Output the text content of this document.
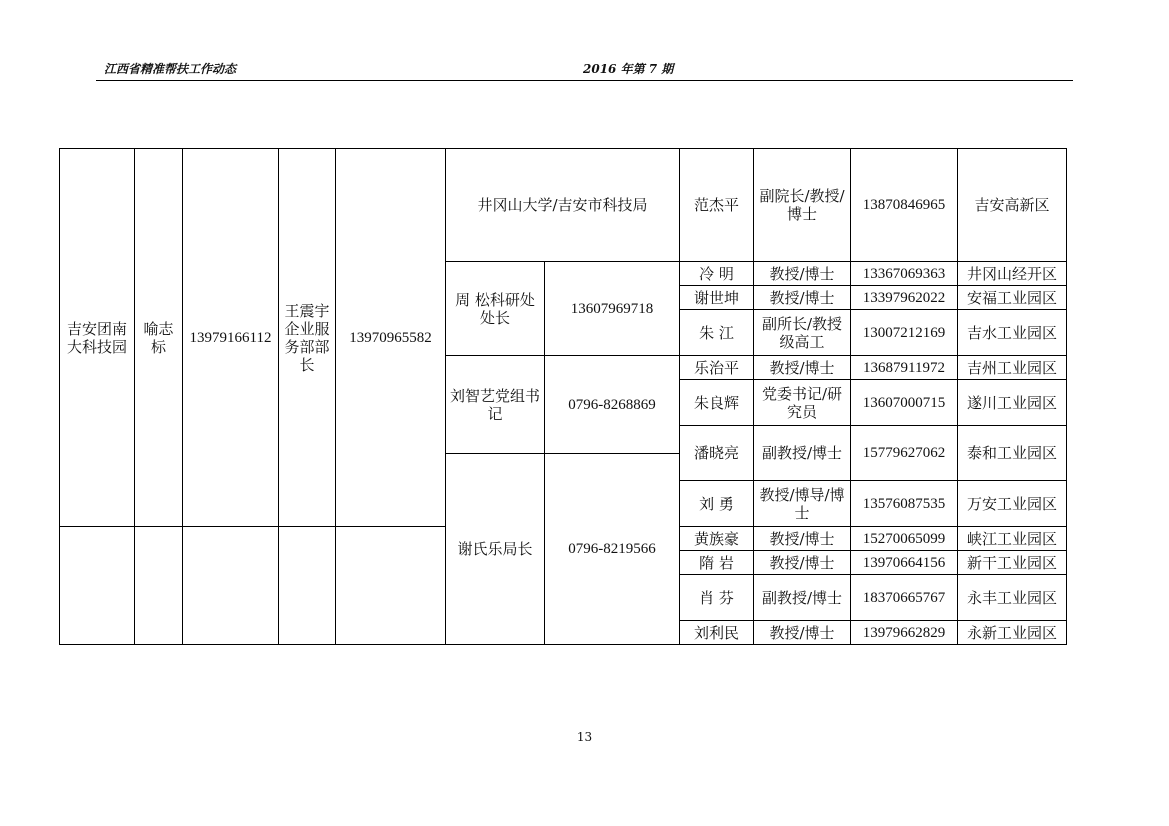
江西省精准帮扶工作动态	2016 年第 7 期
吉安团南大科技园	喻志标	13979166112	王震宇企业服务部部长	13970965582	井冈山大学/吉安市科技局		范杰平	副院长/教授/博士	13870846965	吉安高新区
					周 松科研处处长	13607969718	冷 明	教授/博士	13367069363	井冈山经开区
							谢世坤	教授/博士	13397962022	安福工业园区
							朱 江	副所长/教授级高工	13007212169	吉水工业园区
					刘智艺党组书记	0796-8268869	乐治平	教授/博士	13687911972	吉州工业园区
							朱良辉	党委书记/研究员	13607000715	遂川工业园区
							潘晓亮	副教授/博士	15779627062	泰和工业园区
					谢氏乐局长	0796-8219566				
							刘 勇	教授/博导/博士	13576087535	万安工业园区
							黄族豪	教授/博士	15270065099	峡江工业园区
							隋 岩	教授/博士	13970664156	新干工业园区
							肖 芬	副教授/博士	18370665767	永丰工业园区
							刘利民	教授/博士	13979662829	永新工业园区
13
